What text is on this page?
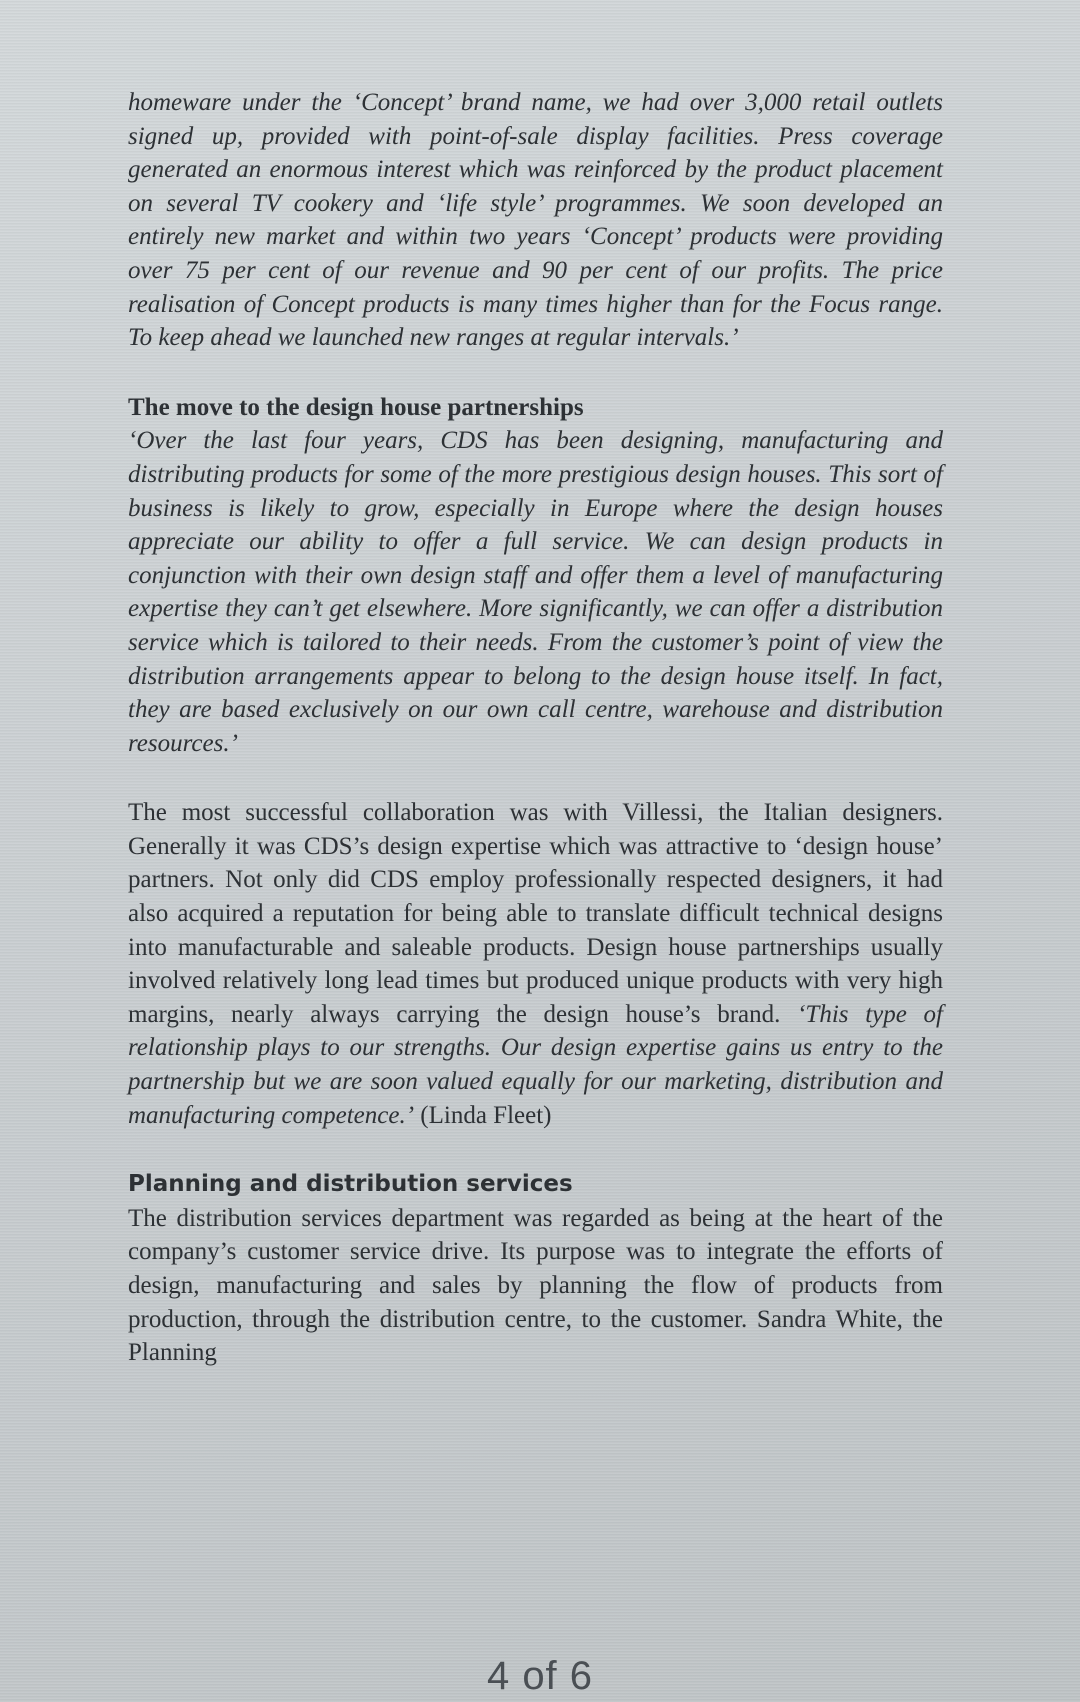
homeware under the ‘Concept’ brand name, we had over 3,000 retail outlets signed up, provided with point-of-sale display facilities. Press coverage generated an enormous interest which was reinforced by the product placement on several TV cookery and ‘life style’ programmes. We soon developed an entirely new market and within two years ‘Concept’ products were providing over 75 per cent of our revenue and 90 per cent of our profits. The price realisation of Concept products is many times higher than for the Focus range. To keep ahead we launched new ranges at regular intervals.’

The move to the design house partnerships

‘Over the last four years, CDS has been designing, manufacturing and distributing products for some of the more prestigious design houses. This sort of business is likely to grow, especially in Europe where the design houses appreciate our ability to offer a full service. We can design products in conjunction with their own design staff and offer them a level of manufacturing expertise they can’t get elsewhere. More significantly, we can offer a distribution service which is tailored to their needs. From the customer’s point of view the distribution arrangements appear to belong to the design house itself. In fact, they are based exclusively on our own call centre, warehouse and distribution resources.’

The most successful collaboration was with Villessi, the Italian designers. Generally it was CDS’s design expertise which was attractive to ‘design house’ partners. Not only did CDS employ professionally respected designers, it had also acquired a reputation for being able to translate difficult technical designs into manufacturable and saleable products. Design house partnerships usually involved relatively long lead times but produced unique products with very high margins, nearly always carrying the design house’s brand. ‘This type of relationship plays to our strengths. Our design expertise gains us entry to the partnership but we are soon valued equally for our marketing, distribution and manufacturing competence.’ (Linda Fleet)

Planning and distribution services

The distribution services department was regarded as being at the heart of the company’s customer service drive. Its purpose was to integrate the efforts of design, manufacturing and sales by planning the flow of products from production, through the distribution centre, to the customer. Sandra White, the Planning

4 of 6
